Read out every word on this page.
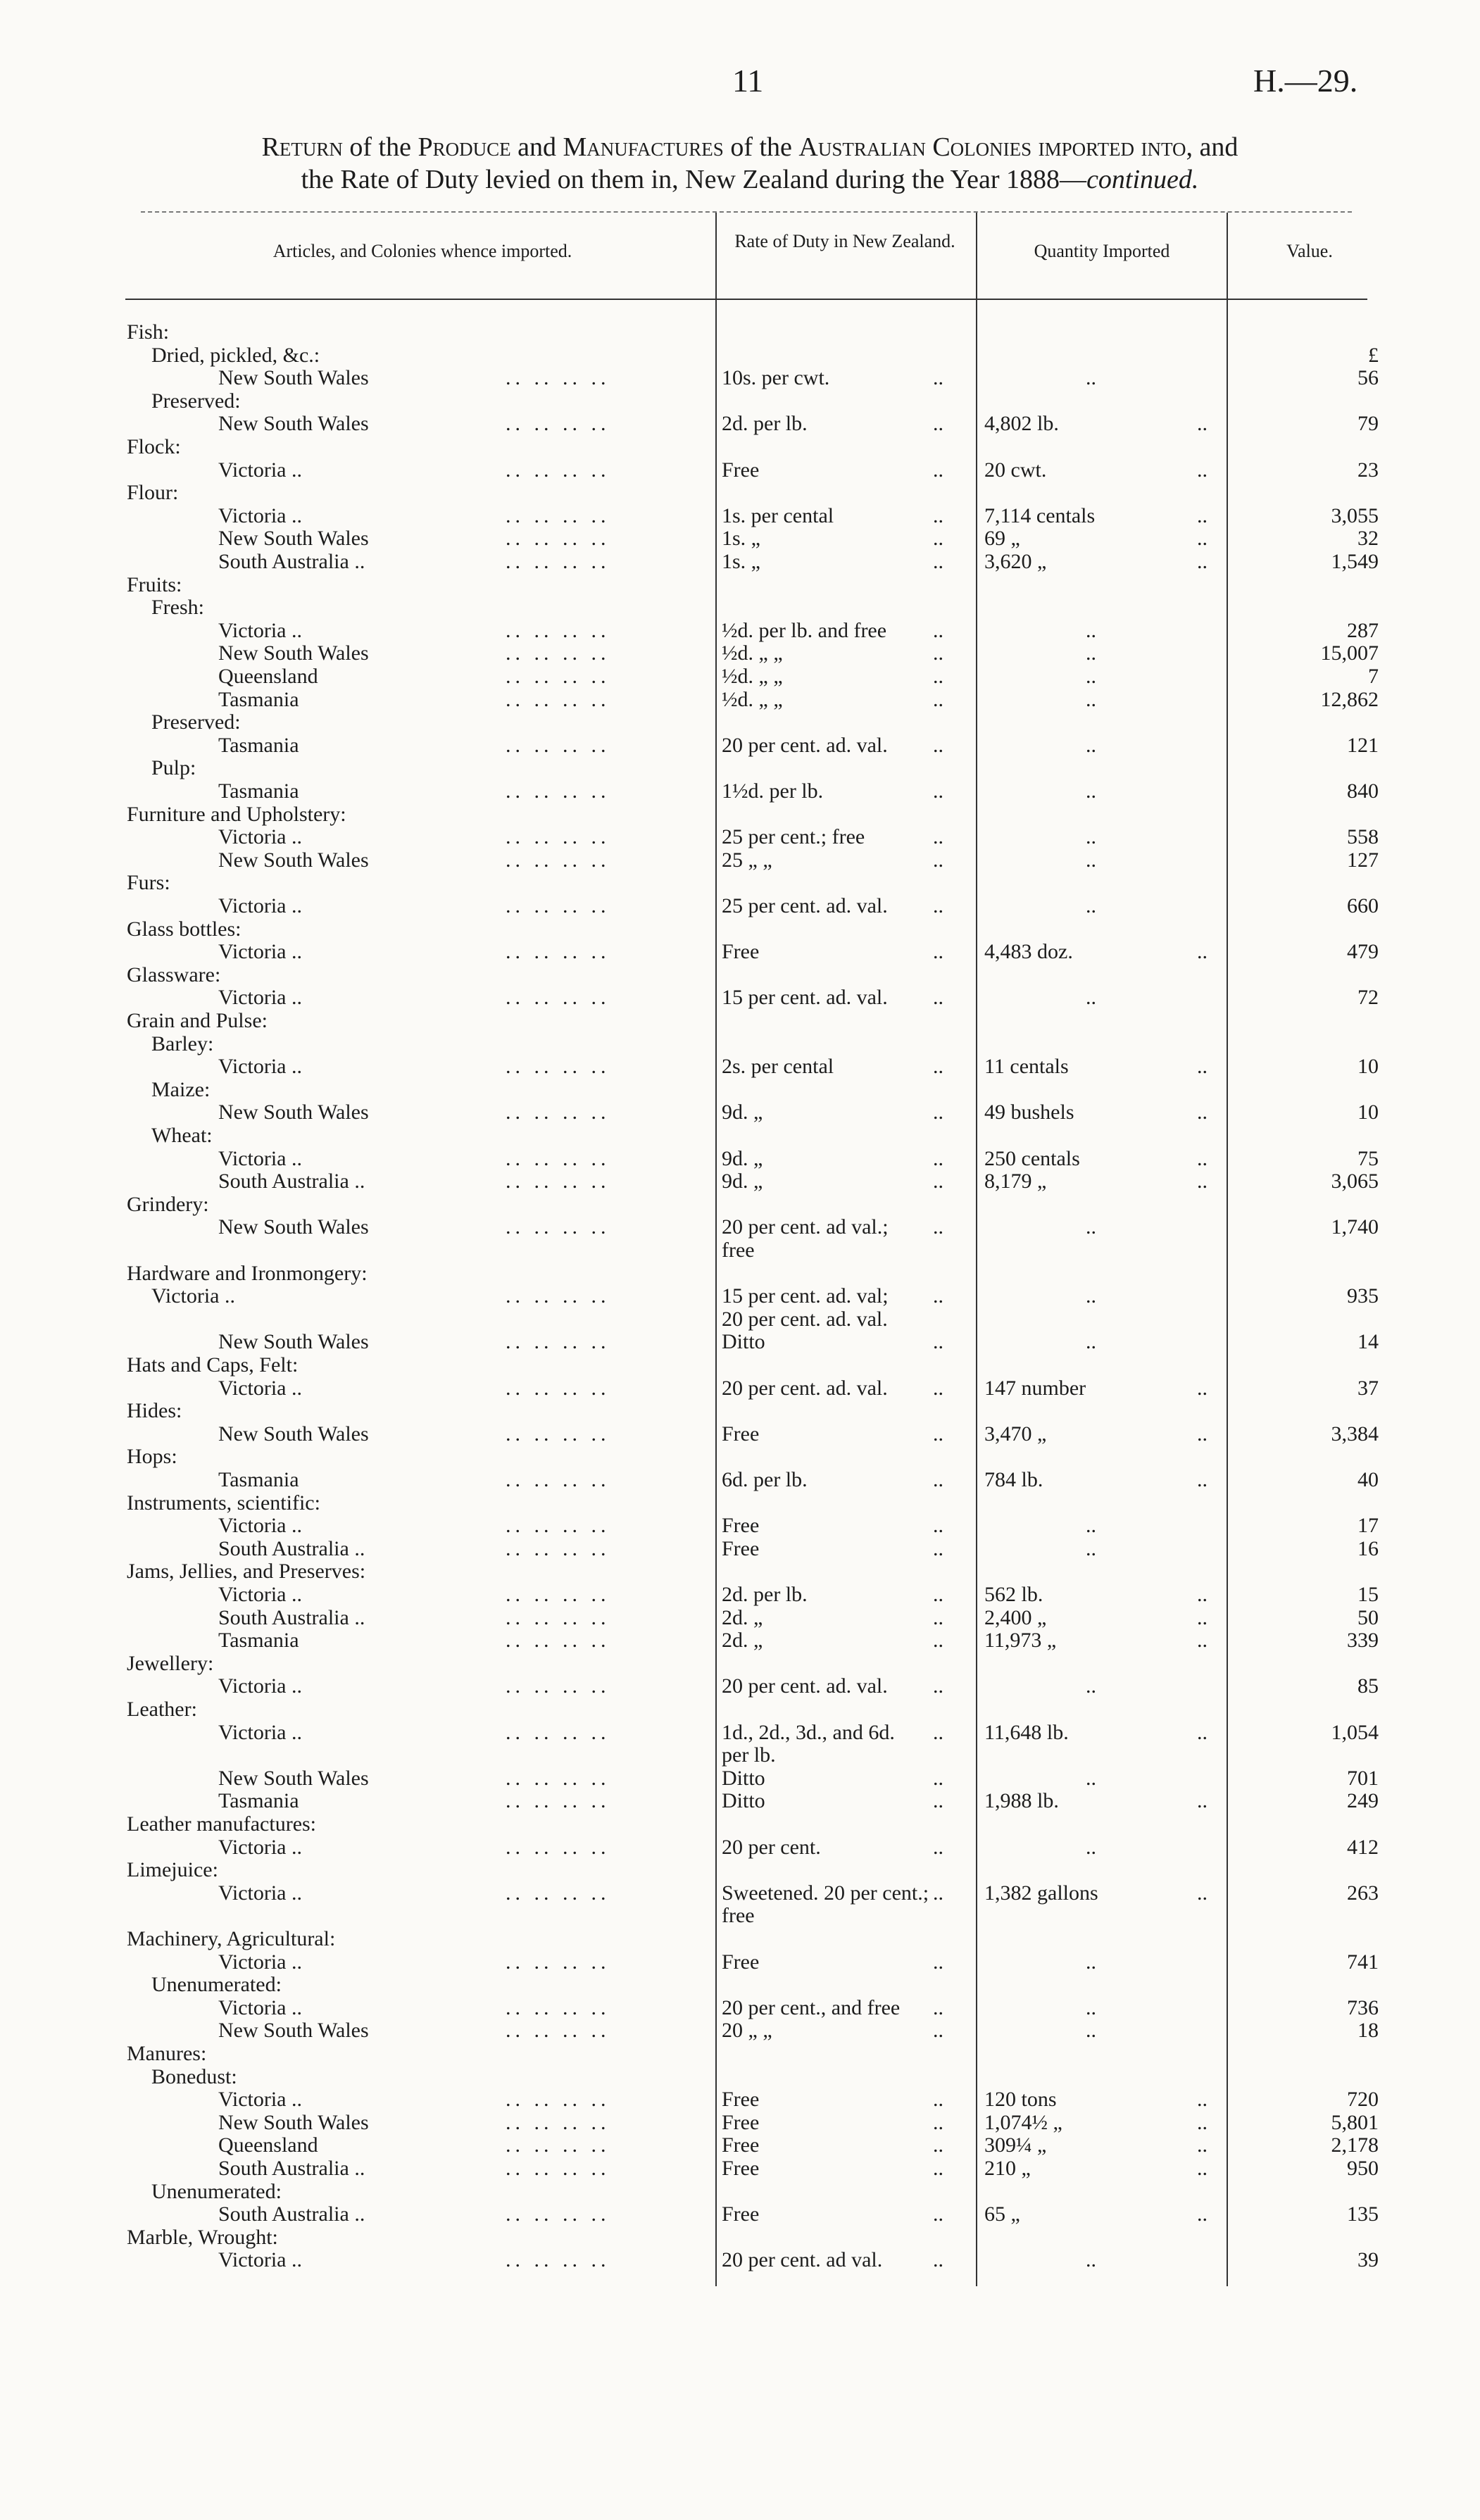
11	H.—29.
Return of the Produce and Manufactures of the Australian Colonies imported into, and
the Rate of Duty levied on them in, New Zealand during the Year 1888—continued.
Articles, and Colonies whence imported.	Rate of Duty in New Zealand.	Quantity Imported	Value.
Fish:
Dried, pickled, &c.:	£
New South Wales	.. .. .. ..	10s. per cwt.	..	..	56
Preserved:
New South Wales	.. .. .. ..	2d. per lb.	.. 4,802 lb.	..	79
Flock:
Victoria ..	.. .. .. ..	Free	.. 20 cwt.	..	23
Flour:
Victoria ..	.. .. .. ..	1s. per cental	.. 7,114 centals	..	3,055
New South Wales	.. .. .. ..	1s. „	.. 69 „	..	32
South Australia ..	.. .. .. ..	1s. „	.. 3,620 „	..	1,549
Fruits:
Fresh:
Victoria ..	.. .. .. ..	½d. per lb. and free ..	..	287
New South Wales	.. .. .. ..	½d. „ „	..	..	15,007
Queensland	.. .. .. ..	½d. „ „	..	..	7
Tasmania	.. .. .. ..	½d. „ „	..	..	12,862
Preserved:
Tasmania	.. .. .. ..	20 per cent. ad. val. ..	..	121
Pulp:
Tasmania	.. .. .. ..	1½d. per lb.	..	..	840
Furniture and Upholstery:
Victoria ..	.. .. .. ..	25 per cent.; free	..	..	558
New South Wales	.. .. .. ..	25 „ „	..	..	127
Furs:
Victoria ..	.. .. .. ..	25 per cent. ad. val. ..	..	660
Glass bottles:
Victoria ..	.. .. .. ..	Free	.. 4,483 doz.	..	479
Glassware:
Victoria ..	.. .. .. ..	15 per cent. ad. val. ..	..	72
Grain and Pulse:
Barley:
Victoria ..	.. .. .. ..	2s. per cental	.. 11 centals	..	10
Maize:
New South Wales	.. .. .. ..	9d. „	.. 49 bushels	..	10
Wheat:
Victoria ..	.. .. .. ..	9d. „	.. 250 centals	..	75
South Australia ..	.. .. .. ..	9d. „	.. 8,179 „	..	3,065
Grindery:
New South Wales	.. .. .. ..	20 per cent. ad val.; ..	..	1,740
free
Hardware and Ironmongery:
Victoria ..	.. .. .. ..	15 per cent. ad. val; ..	..	935
20 per cent. ad. val.
New South Wales	.. .. .. ..	Ditto	..	..	14
Hats and Caps, Felt:
Victoria ..	.. .. .. ..	20 per cent. ad. val. .. 147 number	..	37
Hides:
New South Wales	.. .. .. ..	Free	.. 3,470 „	..	3,384
Hops:
Tasmania	.. .. .. ..	6d. per lb.	.. 784 lb.	..	40
Instruments, scientific:
Victoria ..	.. .. .. ..	Free	..	..	17
South Australia ..	.. .. .. ..	Free	..	..	16
Jams, Jellies, and Preserves:
Victoria ..	.. .. .. ..	2d. per lb.	.. 562 lb.	..	15
South Australia ..	.. .. .. ..	2d. „	.. 2,400 „	..	50
Tasmania	.. .. .. ..	2d. „	.. 11,973 „	..	339
Jewellery:
Victoria ..	.. .. .. ..	20 per cent. ad. val. ..	..	85
Leather:
Victoria ..	.. .. .. ..	1d., 2d., 3d., and 6d. .. 11,648 lb.	..	1,054
per lb.
New South Wales	.. .. .. ..	Ditto	..	..	701
Tasmania	.. .. .. ..	Ditto	.. 1,988 lb.	..	249
Leather manufactures:
Victoria ..	.. .. .. ..	20 per cent.	..	..	412
Limejuice:
Victoria ..	.. .. .. ..	Sweetened. 20 per cent.; .. 1,382 gallons	..	263
free
Machinery, Agricultural:
Victoria ..	.. .. .. ..	Free	..	..	741
Unenumerated:
Victoria ..	.. .. .. ..	20 per cent., and free ..	..	736
New South Wales	.. .. .. ..	20 „ „	..	..	18
Manures:
Bonedust:
Victoria ..	.. .. .. ..	Free	.. 120 tons	..	720
New South Wales	.. .. .. ..	Free	.. 1,074½ „	..	5,801
Queensland	.. .. .. ..	Free	.. 309¼ „	..	2,178
South Australia ..	.. .. .. ..	Free	.. 210 „	..	950
Unenumerated:
South Australia ..	.. .. .. ..	Free	.. 65 „	..	135
Marble, Wrought:
Victoria ..	.. .. .. ..	20 per cent. ad val. ..	..	39
